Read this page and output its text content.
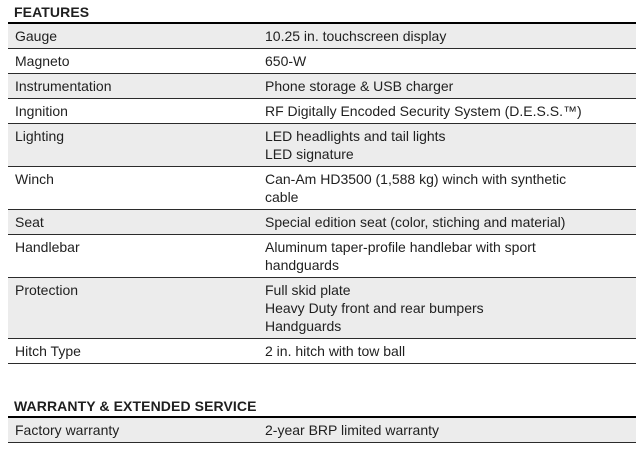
FEATURES
Gauge	10.25 in. touchscreen display

Magneto	650-W

Instrumentation	Phone storage & USB charger

Ingnition	RF Digitally Encoded Security System (D.E.S.S.™)

Lighting	LED headlights and tail lights
LED signature

Winch	Can-Am HD3500 (1,588 kg) winch with synthetic
cable

Seat	Special edition seat (color, stiching and material)

Handlebar	Aluminum taper-profile handlebar with sport
handguards

Protection	Full skid plate
Heavy Duty front and rear bumpers
Handguards

Hitch Type	2 in. hitch with tow ball
WARRANTY & EXTENDED SERVICE
Factory warranty	2-year BRP limited warranty
